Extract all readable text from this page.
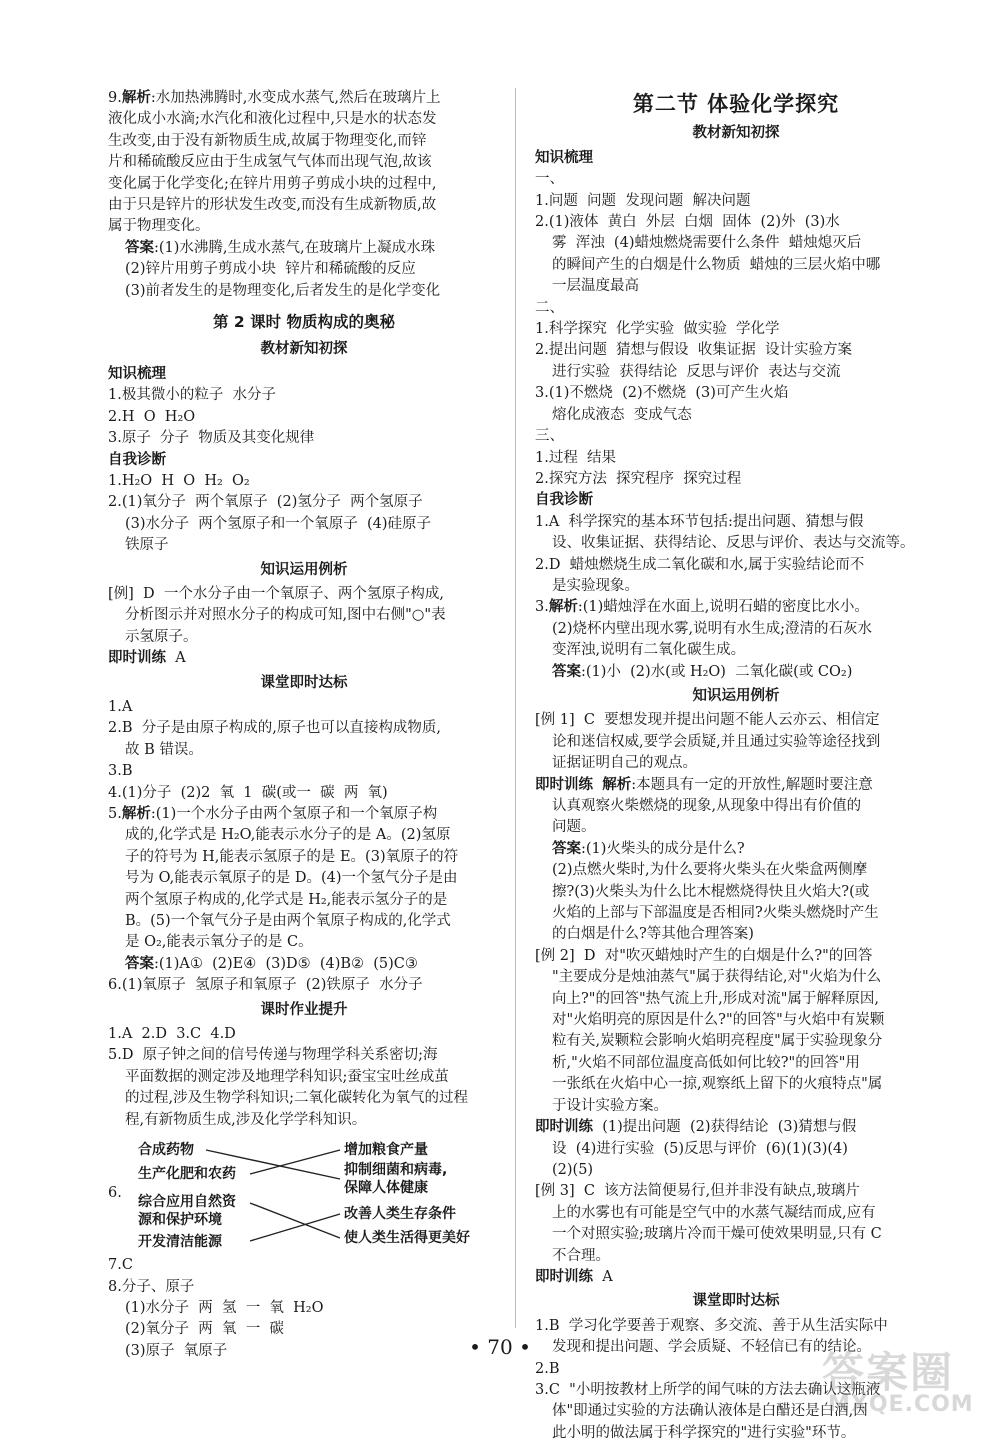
9.解析:水加热沸腾时,水变成水蒸气,然后在玻璃片上
液化成小水滴;水汽化和液化过程中,只是水的状态发
生改变,由于没有新物质生成,故属于物理变化,而锌
片和稀硫酸反应由于生成氢气气体而出现气泡,故该
变化属于化学变化;在锌片用剪子剪成小块的过程中,
由于只是锌片的形状发生改变,而没有生成新物质,故
属于物理变化。
答案:(1)水沸腾,生成水蒸气,在玻璃片上凝成水珠
(2)锌片用剪子剪成小块  锌片和稀硫酸的反应
(3)前者发生的是物理变化,后者发生的是化学变化
第 2 课时 物质构成的奥秘
教材新知初探
知识梳理
1.极其微小的粒子  水分子
2.H  O  H₂O
3.原子  分子  物质及其变化规律
自我诊断
1.H₂O  H  O  H₂  O₂
2.(1)氧分子  两个氧原子  (2)氢分子  两个氢原子
(3)水分子  两个氢原子和一个氧原子  (4)硅原子
铁原子
知识运用例析
[例]  D  一个水分子由一个氧原子、两个氢原子构成,
分析图示并对照水分子的构成可知,图中右侧"○"表
示氢原子。
即时训练 A
课堂即时达标
1.A
2.B  分子是由原子构成的,原子也可以直接构成物质,
故 B 错误。
3.B
4.(1)分子  (2)2  氧  1  碳(或一  碳  两  氧)
5.解析:(1)一个水分子由两个氢原子和一个氧原子构
成的,化学式是 H₂O,能表示水分子的是 A。(2)氢原
子的符号为 H,能表示氢原子的是 E。(3)氧原子的符
号为 O,能表示氧原子的是 D。(4)一个氢气分子是由
两个氢原子构成的,化学式是 H₂,能表示氢分子的是
B。(5)一个氧气分子是由两个氧原子构成的,化学式
是 O₂,能表示氧分子的是 C。
答案:(1)A①  (2)E④  (3)D⑤  (4)B②  (5)C③
6.(1)氧原子  氢原子和氧原子  (2)铁原子  水分子
课时作业提升
1.A  2.D  3.C  4.D
5.D  原子钟之间的信号传递与物理学科关系密切;海
平面数据的测定涉及地理学科知识;蚕宝宝吐丝成茧
的过程,涉及生物学科知识;二氧化碳转化为氧气的过程
程,有新物质生成,涉及化学学科知识。
6.
合成药物
生产化肥和农药
综合应用自然资
源和保护环境
开发清洁能源
增加粮食产量
抑制细菌和病毒,
保障人体健康
改善人类生存条件
使人类生活得更美好
7.C
8.分子、原子
(1)水分子  两  氢  一  氧  H₂O
(2)氧分子  两  氧  一  碳
(3)原子  氧原子
第二节 体验化学探究
教材新知初探
知识梳理
一、
1.问题  问题  发现问题  解决问题
2.(1)液体  黄白  外层  白烟  固体  (2)外  (3)水
雾  浑浊  (4)蜡烛燃烧需要什么条件  蜡烛熄灭后
的瞬间产生的白烟是什么物质  蜡烛的三层火焰中哪
一层温度最高
二、
1.科学探究  化学实验  做实验  学化学
2.提出问题  猜想与假设  收集证据  设计实验方案
进行实验  获得结论  反思与评价  表达与交流
3.(1)不燃烧  (2)不燃烧  (3)可产生火焰
熔化成液态  变成气态
三、
1.过程  结果
2.探究方法  探究程序  探究过程
自我诊断
1.A  科学探究的基本环节包括:提出问题、猜想与假
设、收集证据、获得结论、反思与评价、表达与交流等。
2.D  蜡烛燃烧生成二氧化碳和水,属于实验结论而不
是实验现象。
3.解析:(1)蜡烛浮在水面上,说明石蜡的密度比水小。
(2)烧杯内壁出现水雾,说明有水生成;澄清的石灰水
变浑浊,说明有二氧化碳生成。
答案:(1)小  (2)水(或 H₂O)  二氧化碳(或 CO₂)
知识运用例析
[例 1]  C  要想发现并提出问题不能人云亦云、相信定
论和迷信权威,要学会质疑,并且通过实验等途径找到
证据证明自己的观点。
即时训练 解析:本题具有一定的开放性,解题时要注意
认真观察火柴燃烧的现象,从现象中得出有价值的
问题。
答案:(1)火柴头的成分是什么?
(2)点燃火柴时,为什么要将火柴头在火柴盒两侧摩
擦?(3)火柴头为什么比木棍燃烧得快且火焰大?(或
火焰的上部与下部温度是否相同?火柴头燃烧时产生
的白烟是什么?等其他合理答案)
[例 2]  D  对"吹灭蜡烛时产生的白烟是什么?"的回答
"主要成分是烛油蒸气"属于获得结论,对"火焰为什么
向上?"的回答"热气流上升,形成对流"属于解释原因,
对"火焰明亮的原因是什么?"的回答"与火焰中有炭颗
粒有关,炭颗粒会影响火焰明亮程度"属于实验现象分
析,"火焰不同部位温度高低如何比较?"的回答"用
一张纸在火焰中心一掠,观察纸上留下的火痕特点"属
于设计实验方案。
即时训练  (1)提出问题  (2)获得结论  (3)猜想与假
设  (4)进行实验  (5)反思与评价  (6)(1)(3)(4)
(2)(5)
[例 3]  C  该方法简便易行,但并非没有缺点,玻璃片
上的水雾也有可能是空气中的水蒸气凝结而成,应有
一个对照实验;玻璃片冷而干燥可使效果明显,只有 C
不合理。
即时训练  A
课堂即时达标
1.B  学习化学要善于观察、多交流、善于从生活实际中
发现和提出问题、学会质疑、不轻信已有的结论。
2.B
3.C  "小明按教材上所学的闻气味的方法去确认这瓶液
体"即通过实验的方法确认液体是白醋还是白酒,因
此小明的做法属于科学探究的"进行实验"环节。
• 70 •
答案圈
MXQE.COM
